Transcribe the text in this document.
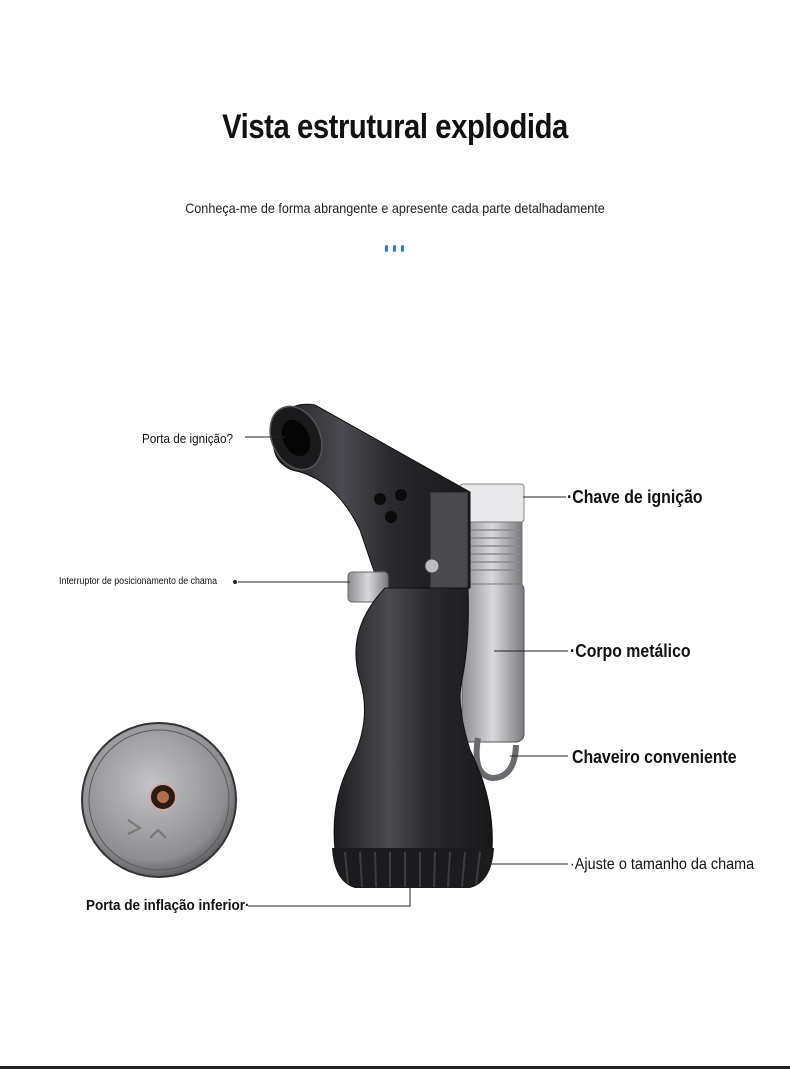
Vista estrutural explodida
Conheça-me de forma abrangente e apresente cada parte detalhadamente
Porta de ignição?
·Chave de ignição
Interruptor de posicionamento de chama
·Corpo metálico
Chaveiro conveniente
·Ajuste o tamanho da chama
Porta de inflação inferior·
